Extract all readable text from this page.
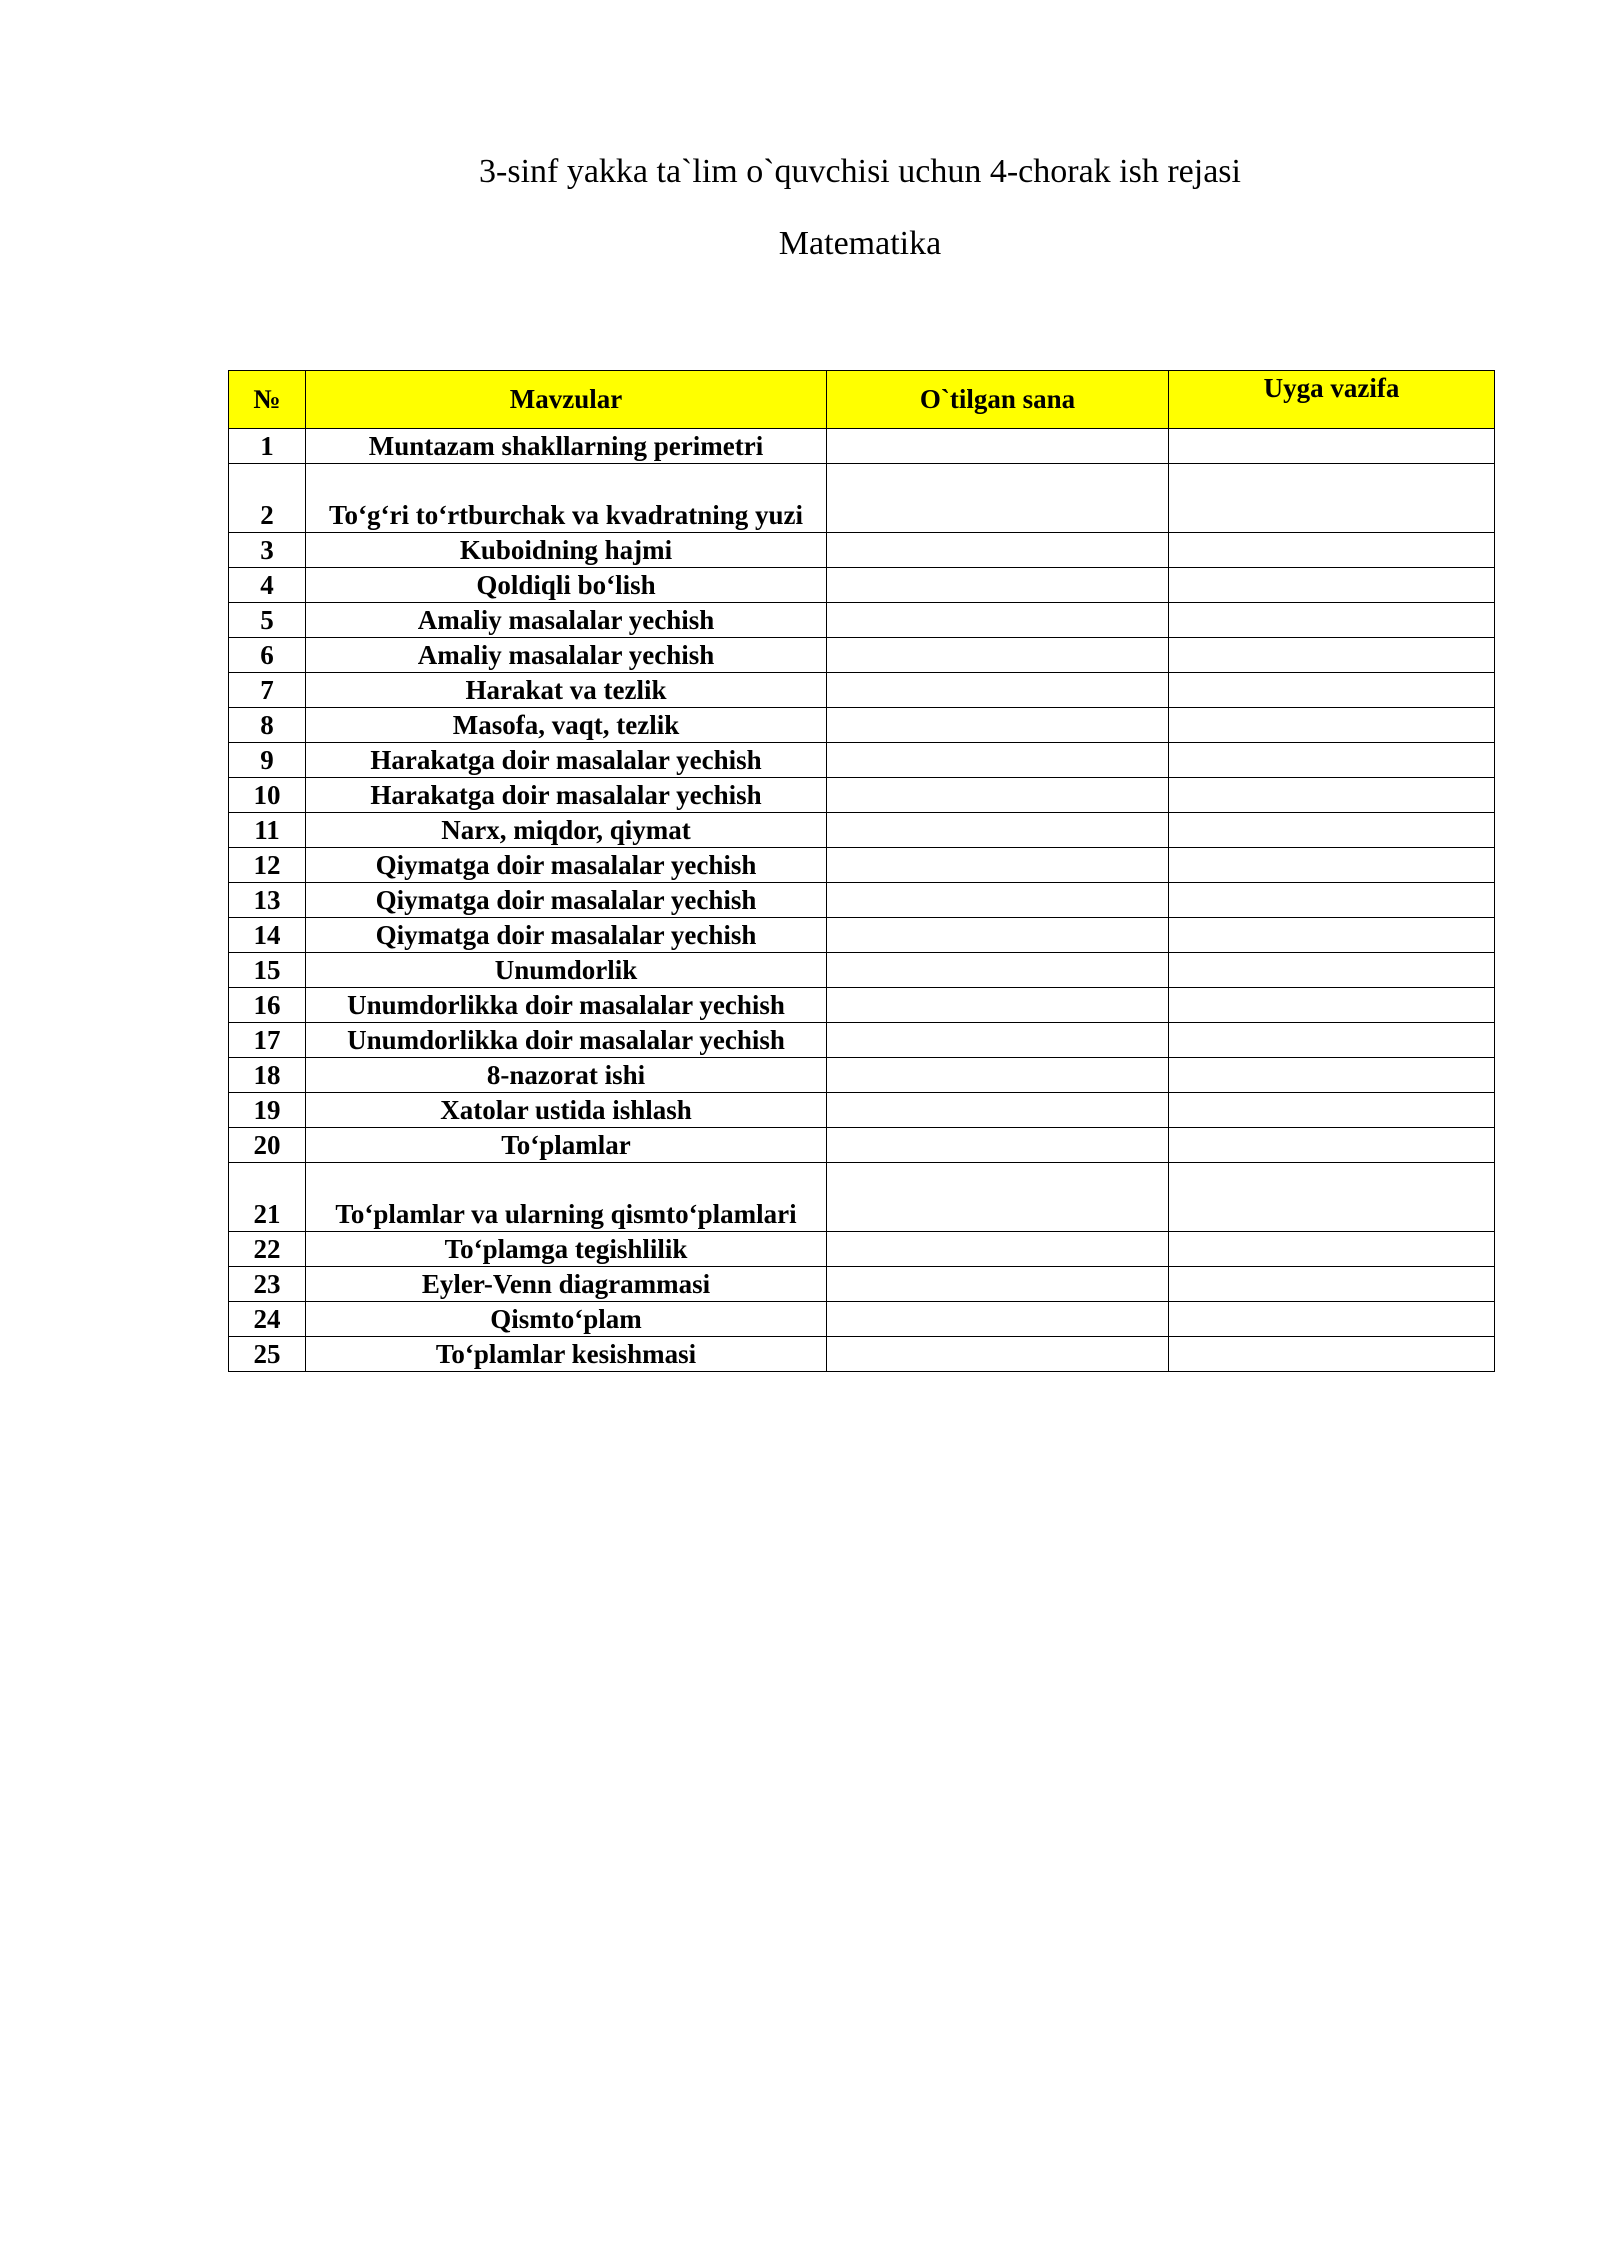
3-sinf yakka ta`lim o`quvchisi uchun 4-chorak ish rejasi
Matematika
№	Mavzular	O`tilgan sana	Uyga vazifa
1	Muntazam shakllarning perimetri		
2	To‘g‘ri to‘rtburchak va kvadratning yuzi		
3	Kuboidning hajmi		
4	Qoldiqli bo‘lish		
5	Amaliy masalalar yechish		
6	Amaliy masalalar yechish		
7	Harakat va tezlik		
8	Masofa, vaqt, tezlik		
9	Harakatga doir masalalar yechish		
10	Harakatga doir masalalar yechish		
11	Narx, miqdor, qiymat		
12	Qiymatga doir masalalar yechish		
13	Qiymatga doir masalalar yechish		
14	Qiymatga doir masalalar yechish		
15	Unumdorlik		
16	Unumdorlikka doir masalalar yechish		
17	Unumdorlikka doir masalalar yechish		
18	8-nazorat ishi		
19	Xatolar ustida ishlash		
20	To‘plamlar		
21	To‘plamlar va ularning qismto‘plamlari		
22	To‘plamga tegishlilik		
23	Eyler-Venn diagrammasi		
24	Qismto‘plam		
25	To‘plamlar kesishmasi		
